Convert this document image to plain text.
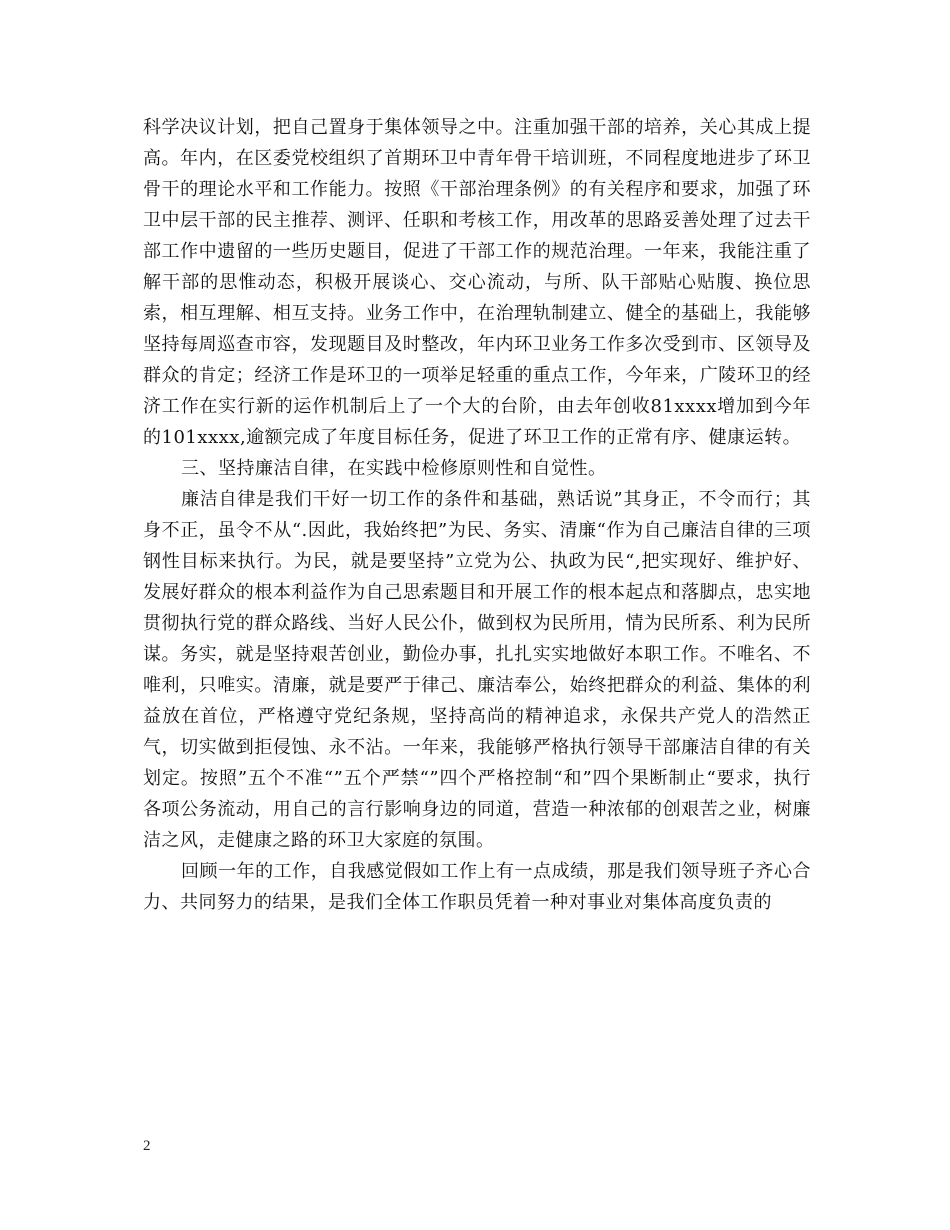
科学决议计划，把自己置身于集体领导之中。注重加强干部的培养，关心其成上提高。年内，在区委党校组织了首期环卫中青年骨干培训班，不同程度地进步了环卫骨干的理论水平和工作能力。按照《干部治理条例》的有关程序和要求，加强了环卫中层干部的民主推荐、测评、任职和考核工作，用改革的思路妥善处理了过去干部工作中遗留的一些历史题目，促进了干部工作的规范治理。一年来，我能注重了解干部的思惟动态，积极开展谈心、交心流动，与所、队干部贴心贴腹、换位思索，相互理解、相互支持。业务工作中，在治理轨制建立、健全的基础上，我能够坚持每周巡查市容，发现题目及时整改，年内环卫业务工作多次受到市、区领导及群众的肯定；经济工作是环卫的一项举足轻重的重点工作，今年来，广陵环卫的经济工作在实行新的运作机制后上了一个大的台阶，由去年创收81xxxx增加到今年的101xxxx,逾额完成了年度目标任务，促进了环卫工作的正常有序、健康运转。

三、坚持廉洁自律，在实践中检修原则性和自觉性。

廉洁自律是我们干好一切工作的条件和基础，熟话说”其身正，不令而行；其身不正，虽令不从“.因此，我始终把”为民、务实、清廉“作为自己廉洁自律的三项钢性目标来执行。为民，就是要坚持”立党为公、执政为民“,把实现好、维护好、发展好群众的根本利益作为自己思索题目和开展工作的根本起点和落脚点，忠实地贯彻执行党的群众路线、当好人民公仆，做到权为民所用，情为民所系、利为民所谋。务实，就是坚持艰苦创业，勤俭办事，扎扎实实地做好本职工作。不唯名、不唯利，只唯实。清廉，就是要严于律己、廉洁奉公，始终把群众的利益、集体的利益放在首位，严格遵守党纪条规，坚持高尚的精神追求，永保共产党人的浩然正气，切实做到拒侵蚀、永不沾。一年来，我能够严格执行领导干部廉洁自律的有关划定。按照”五个不准“”五个严禁“”四个严格控制“和”四个果断制止“要求，执行各项公务流动，用自己的言行影响身边的同道，营造一种浓郁的创艰苦之业，树廉洁之风，走健康之路的环卫大家庭的氛围。

回顾一年的工作，自我感觉假如工作上有一点成绩，那是我们领导班子齐心合力、共同努力的结果，是我们全体工作职员凭着一种对事业对集体高度负责的

2
